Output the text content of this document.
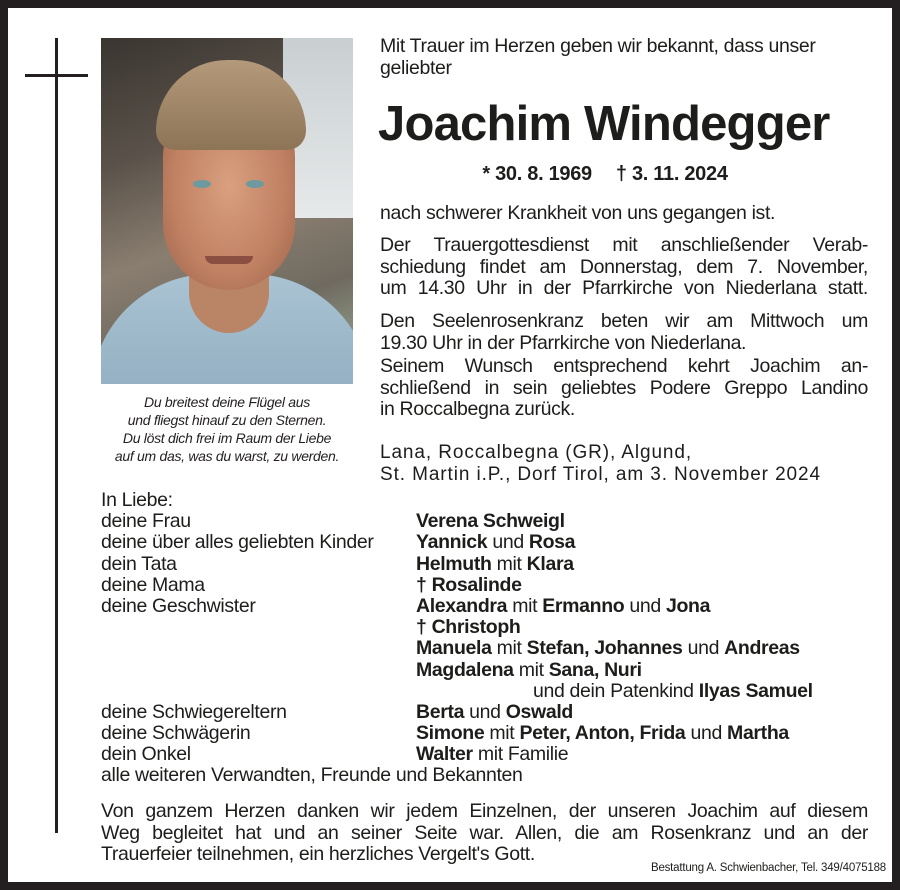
Du breitest deine Flügel aus
und fliegst hinauf zu den Sternen.
Du löst dich frei im Raum der Liebe
auf um das, was du warst, zu werden.
Mit Trauer im Herzen geben wir bekannt, dass unser
geliebter
Joachim Windegger
* 30. 8. 1969 † 3. 11. 2024
nach schwerer Krankheit von uns gegangen ist.
Der Trauergottesdienst mit anschließender Verab-
schiedung findet am Donnerstag, dem 7. November,
um 14.30 Uhr in der Pfarrkirche von Niederlana statt.
Den Seelenrosenkranz beten wir am Mittwoch um
19.30 Uhr in der Pfarrkirche von Niederlana.
Seinem Wunsch entsprechend kehrt Joachim an-
schließend in sein geliebtes Podere Greppo Landino
in Roccalbegna zurück.
Lana, Roccalbegna (GR), Algund,
St. Martin i.P., Dorf Tirol, am 3. November 2024
In Liebe:
deine Frau	Verena Schweigl
deine über alles geliebten Kinder Yannick und Rosa
dein Tata	Helmuth mit Klara
deine Mama	† Rosalinde
deine Geschwister	Alexandra mit Ermanno und Jona
† Christoph
Manuela mit Stefan, Johannes und Andreas
Magdalena mit Sana, Nuri
und dein Patenkind Ilyas Samuel
deine Schwiegereltern	Berta und Oswald
deine Schwägerin	Simone mit Peter, Anton, Frida und Martha
dein Onkel	Walter mit Familie
alle weiteren Verwandten, Freunde und Bekannten
Von ganzem Herzen danken wir jedem Einzelnen, der unseren Joachim auf diesem
Weg begleitet hat und an seiner Seite war. Allen, die am Rosenkranz und an der
Trauerfeier teilnehmen, ein herzliches Vergelt's Gott.
Bestattung A. Schwienbacher, Tel. 349/4075188
